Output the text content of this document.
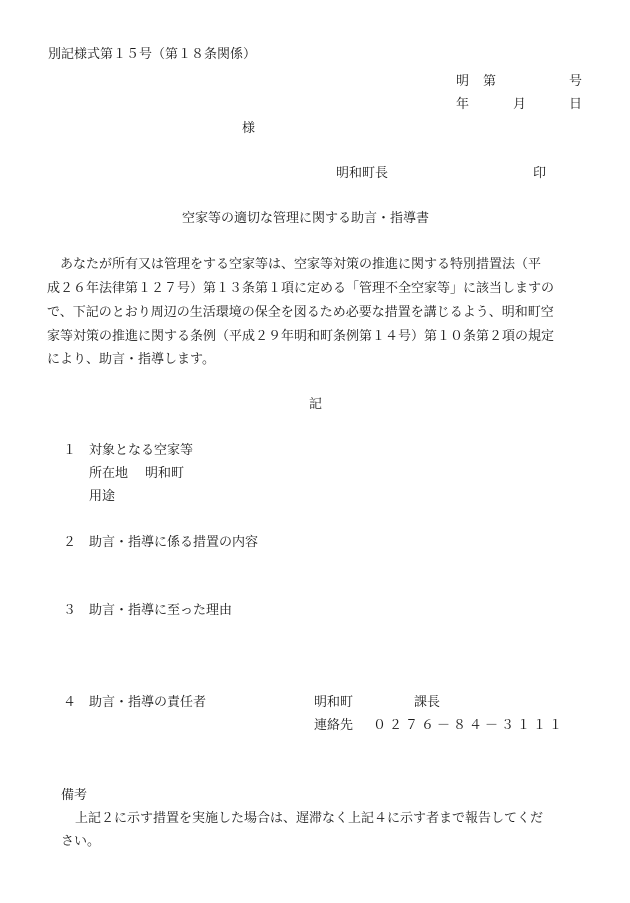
別記様式第１５号（第１８条関係）
明 第	号
年	月	日
様
明和町長	印
空家等の適切な管理に関する助言・指導書
あなたが所有又は管理をする空家等は、空家等対策の推進に関する特別措置法（平
成２６年法律第１２７号）第１３条第１項に定める「管理不全空家等」に該当しますの
で、下記のとおり周辺の生活環境の保全を図るため必要な措置を講じるよう、明和町空
家等対策の推進に関する条例（平成２９年明和町条例第１４号）第１０条第２項の規定
により、助言・指導します。
記
１ 対象となる空家等
所在地 明和町
用途
２ 助言・指導に係る措置の内容
３ 助言・指導に至った理由
４ 助言・指導の責任者	明和町	課長
連絡先 ０２７６－８４－３１１１
備考
上記２に示す措置を実施した場合は、遅滞なく上記４に示す者まで報告してくだ
さい。
